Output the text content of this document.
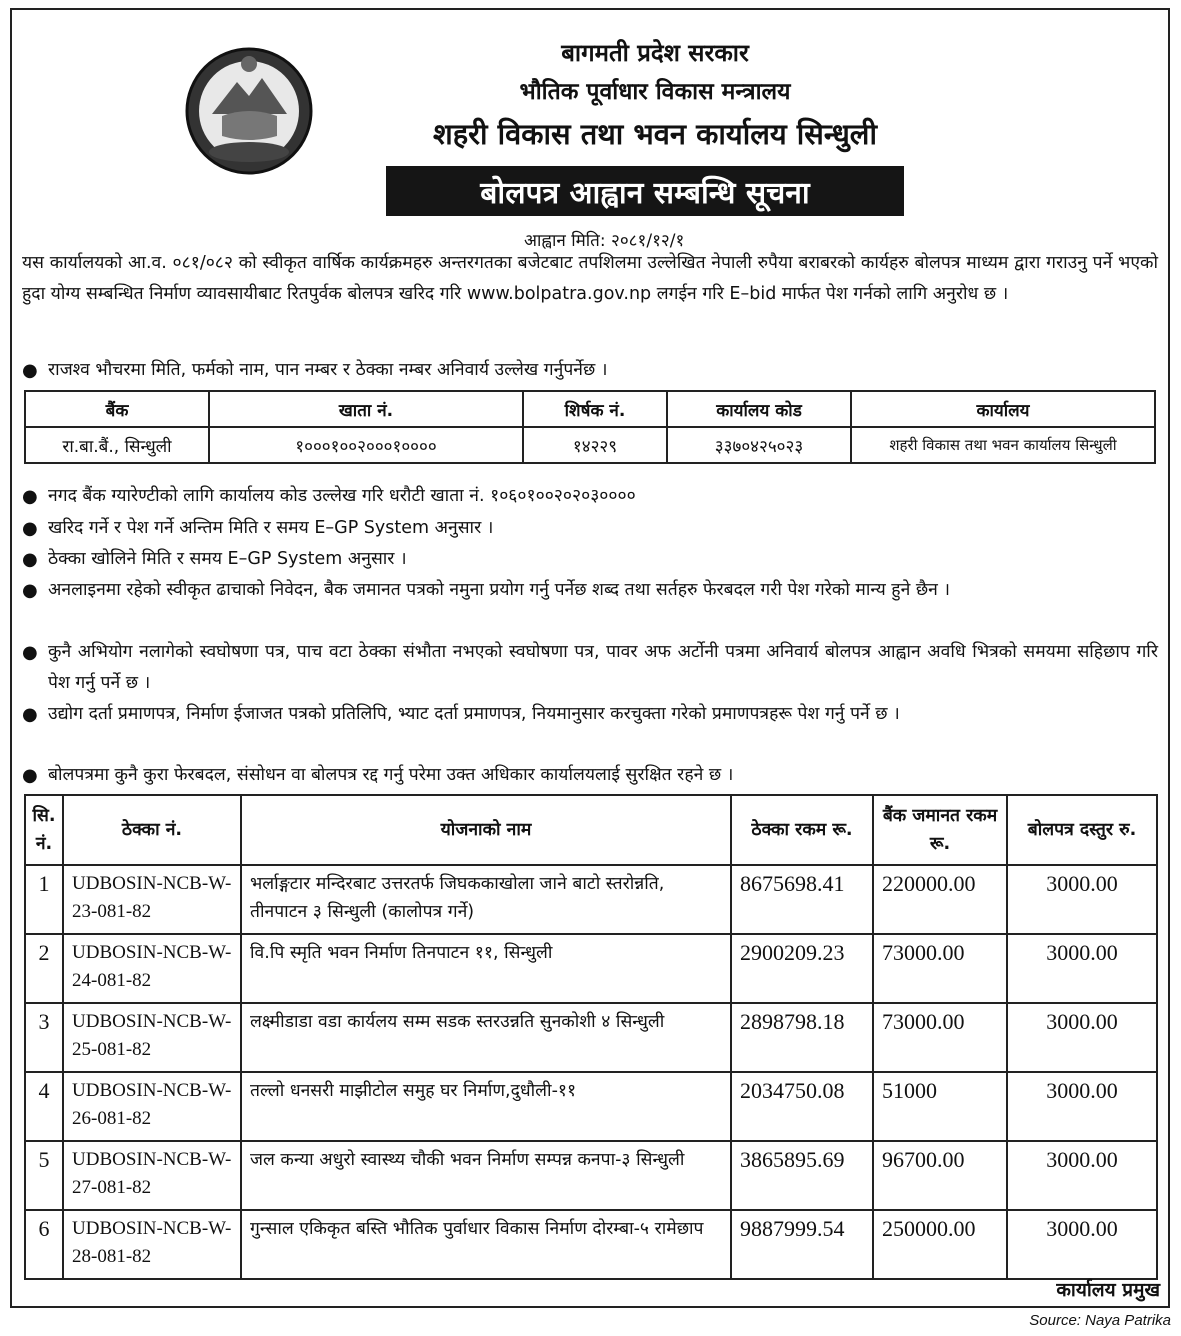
बागमती प्रदेश सरकार
भौतिक पूर्वाधार विकास मन्त्रालय
शहरी विकास तथा भवन कार्यालय सिन्धुली
बोलपत्र आह्वान सम्बन्धि सूचना
आह्वान मिति: २०८१/१२/१
यस कार्यालयको आ.व. ०८१/०८२ को स्वीकृत वार्षिक कार्यक्रमहरु अन्तरगतका बजेटबाट तपशिलमा उल्लेखित नेपाली रुपैया बराबरको कार्यहरु बोलपत्र माध्यम द्वारा गराउनु पर्ने भएको हुदा योग्य सम्बन्धित निर्माण व्यावसायीबाट रितपुर्वक बोलपत्र खरिद गरि www.bolpatra.gov.np लगईन गरि E–bid मार्फत पेश गर्नको लागि अनुरोध छ ।
● राजश्व भौचरमा मिति, फर्मको नाम, पान नम्बर र ठेक्का नम्बर अनिवार्य उल्लेख गर्नुपर्नेछ ।
बैंक	खाता नं.	शिर्षक नं.	कार्यालय कोड	कार्यालय
रा.बा.बैं., सिन्धुली	१०००१००२०००१००००	१४२२९	३३७०४२५०२३	शहरी विकास तथा भवन कार्यालय सिन्धुली
● नगद बैंक ग्यारेण्टीको लागि कार्यालय कोड उल्लेख गरि धरौटी खाता नं. १०६०१००२०२०३००००
● खरिद गर्ने र पेश गर्ने अन्तिम मिति र समय E–GP System अनुसार ।
● ठेक्का खोलिने मिति र समय E–GP System अनुसार ।
● अनलाइनमा रहेको स्वीकृत ढाचाको निवेदन, बैक जमानत पत्रको नमुना प्रयोग गर्नु पर्नेछ शब्द तथा सर्तहरु फेरबदल गरी पेश गरेको मान्य हुने छैन ।
● कुनै अभियोग नलागेको स्वघोषणा पत्र, पाच वटा ठेक्का संभौता नभएको स्वघोषणा पत्र, पावर अफ अर्टोनी पत्रमा अनिवार्य बोलपत्र आह्वान अवधि भित्रको समयमा सहिछाप गरि पेश गर्नु पर्ने छ ।
● उद्योग दर्ता प्रमाणपत्र, निर्माण ईजाजत पत्रको प्रतिलिपि, भ्याट दर्ता प्रमाणपत्र, नियमानुसार करचुक्ता गरेको प्रमाणपत्रहरू पेश गर्नु पर्ने छ ।
● बोलपत्रमा कुनै कुरा फेरबदल, संसोधन वा बोलपत्र रद्द गर्नु परेमा उक्त अधिकार कार्यालयलाई सुरक्षित रहने छ ।
सि. नं.	ठेक्का नं.	योजनाको नाम	ठेक्का रकम रू.	बैंक जमानत रकम रू.	बोलपत्र दस्तुर रु.
1	UDBOSIN-NCB-W-23-081-82	भर्लाङ्गटार मन्दिरबाट उत्तरतर्फ जिघककाखोला जाने बाटो स्तरोन्नति, तीनपाटन ३ सिन्धुली (कालोपत्र गर्ने)	8675698.41	220000.00	3000.00
2	UDBOSIN-NCB-W-24-081-82	वि.पि स्मृति भवन निर्माण तिनपाटन ११, सिन्धुली	2900209.23	73000.00	3000.00
3	UDBOSIN-NCB-W-25-081-82	लक्ष्मीडाडा वडा कार्यलय सम्म सडक स्तरउन्नति सुनकोशी ४ सिन्धुली	2898798.18	73000.00	3000.00
4	UDBOSIN-NCB-W-26-081-82	तल्लो धनसरी माझीटोल समुह घर निर्माण,दुधौली-११	2034750.08	51000	3000.00
5	UDBOSIN-NCB-W-27-081-82	जल कन्या अधुरो स्वास्थ्य चौकी भवन निर्माण सम्पन्न कनपा-३ सिन्धुली	3865895.69	96700.00	3000.00
6	UDBOSIN-NCB-W-28-081-82	गुन्साल एकिकृत बस्ति भौतिक पुर्वाधार विकास निर्माण दोरम्बा-५ रामेछाप	9887999.54	250000.00	3000.00
कार्यालय प्रमुख
Source: Naya Patrika
